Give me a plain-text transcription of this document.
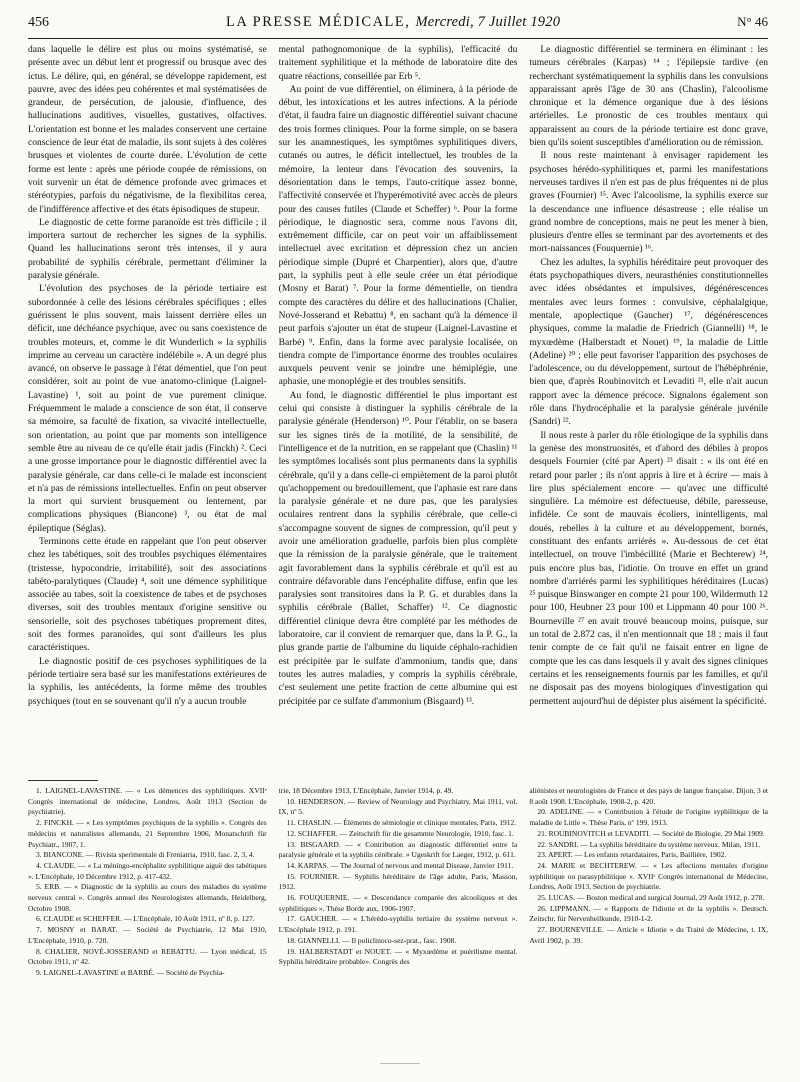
456	LA PRESSE MÉDICALE, Mercredi, 7 Juillet 1920	N° 46

dans laquelle le délire est plus ou moins systématisé, se présente avec un début lent et progressif ou brusque avec des ictus. Le délire, qui, en général, se développe rapidement, est pauvre, avec des idées peu cohérentes et mal systématisées de grandeur, de persécution, de jalousie, d'influence, des hallucinations auditives, visuelles, gustatives, olfactives. L'orientation est bonne et les malades conservent une certaine conscience de leur état de maladie, ils sont sujets à des colères brusques et violentes de courte durée. L'évolution de cette forme est lente : après une période coupée de rémissions, on voit survenir un état de démence profonde avec grimaces et stéréotypies, parfois du négativisme, de la flexibilitas cerea, de l'indifférence affective et des états épisodiques de stupeur.

Le diagnostic de cette forme paranoïde est très difficile ; il importera surtout de rechercher les signes de la syphilis. Quand les hallucinations seront très intenses, il y aura probabilité de syphilis cérébrale, permettant d'éliminer la paralysie générale.

L'évolution des psychoses de la période tertiaire est subordonnée à celle des lésions cérébrales spécifiques ; elles guérissent le plus souvent, mais laissent derrière elles un déficit, une déchéance psychique, avec ou sans coexistence de troubles moteurs, et, comme le dit Wunderlich « la syphilis imprime au cerveau un caractère indélébile ». A un degré plus avancé, on observe le passage à l'état démentiel, que l'on peut considérer, soit au point de vue anatomo-clinique (Laignel-Lavastine) ¹, soit au point de vue purement clinique. Fréquemment le malade a conscience de son état, il conserve sa mémoire, sa faculté de fixation, sa vivacité intellectuelle, son orientation, au point que par moments son intelligence semble être au niveau de ce qu'elle était jadis (Finckh) ². Ceci a une grosse importance pour le diagnostic différentiel avec la paralysie générale, car dans celle-ci le malade est inconscient et n'a pas de rémissions intellectuelles. Enfin on peut observer la mort qui survient brusquement ou lentement, par complications physiques (Biancone) ³, ou état de mal épileptique (Séglas).

Terminons cette étude en rappelant que l'on peut observer chez les tabétiques, soit des troubles psychiques élémentaires (tristesse, hypocondrie, irritabilité), soit des associations tabéto-paralytiques (Claude) ⁴, soit une démence syphilitique associée au tabes, soit la coexistence de tabes et de psychoses diverses, soit des troubles mentaux d'origine sensitive ou sensorielle, soit des psychoses tabétiques proprement dites, soit des formes paranoïdes, qui sont d'ailleurs les plus caractéristiques.

Le diagnostic positif de ces psychoses syphilitiques de la période tertiaire sera basé sur les manifestations extérieures de la syphilis, les antécédents, la forme même des troubles psychiques (tout en se souvenant qu'il n'y a aucun trouble

mental pathognomonique de la syphilis), l'efficacité du traitement syphilitique et la méthode de laboratoire dite des quatre réactions, conseillée par Erb ⁵.

Au point de vue différentiel, on éliminera, à la période de début, les intoxications et les autres infections. A la période d'état, il faudra faire un diagnostic différentiel suivant chacune des trois formes cliniques. Pour la forme simple, on se basera sur les anamnestiques, les symptômes syphilitiques divers, cutanés ou autres, le déficit intellectuel, les troubles de la mémoire, la lenteur dans l'évocation des souvenirs, la désorientation dans le temps, l'auto-critique assez bonne, l'affectivité conservée et l'hyperémotivité avec accès de pleurs pour des causes futiles (Claude et Scheffer) ⁶. Pour la forme périodique, le diagnostic sera, comme nous l'avons dit, extrêmement difficile, car on peut voir un affaiblissement intellectuel avec excitation et dépression chez un ancien périodique simple (Dupré et Charpentier), alors que, d'autre part, la syphilis peut à elle seule créer un état périodique (Mosny et Barat) ⁷. Pour la forme démentielle, on tiendra compte des caractères du délire et des hallucinations (Chalier, Nové-Josserand et Rebattu) ⁸, en sachant qu'à la démence il peut parfois s'ajouter un état de stupeur (Laignel-Lavastine et Barbé) ⁹. Enfin, dans la forme avec paralysie localisée, on tiendra compte de l'importance énorme des troubles oculaires auxquels peuvent venir se joindre une hémiplégie, une aphasie, une monoplégie et des troubles sensitifs.

Au fond, le diagnostic différentiel le plus important est celui qui consiste à distinguer la syphilis cérébrale de la paralysie générale (Henderson) ¹⁰. Pour l'établir, on se basera sur les signes tirés de la motilité, de la sensibilité, de l'intelligence et de la nutrition, en se rappelant que (Chaslin) ¹¹ les symptômes localisés sont plus permanents dans la syphilis cérébrale, qu'il y a dans celle-ci empiètement de la paroi plutôt qu'achoppement ou bredouillement, que l'aphasie est rare dans la paralysie générale et ne dure pas, que les paralysies oculaires rentrent dans la syphilis cérébrale, que celle-ci s'accompagne souvent de signes de compression, qu'il peut y avoir une amélioration graduelle, parfois bien plus complète que la rémission de la paralysie générale, que le traitement agit favorablement dans la syphilis cérébrale et qu'il est au contraire défavorable dans l'encéphalite diffuse, enfin que les paralysies sont transitoires dans la P. G. et durables dans la syphilis cérébrale (Ballet, Schaffer) ¹². Ce diagnostic différentiel clinique devra être complété par les méthodes de laboratoire, car il convient de remarquer que, dans la P. G., la plus grande partie de l'albumine du liquide céphalo-rachidien est précipitée par le sulfate d'ammonium, tandis que, dans toutes les autres maladies, y compris la syphilis cérébrale, c'est seulement une petite fraction de cette albumine qui est précipitée par ce sulfate d'ammonium (Bisgaard) ¹³.

Le diagnostic différentiel se terminera en éliminant : les tumeurs cérébrales (Karpas) ¹⁴ ; l'épilepsie tardive (en recherchant systématiquement la syphilis dans les convulsions apparaissant après l'âge de 30 ans (Chaslin), l'alcoolisme chronique et la démence organique due à des lésions artérielles. Le pronostic de ces troubles mentaux qui apparaissent au cours de la période tertiaire est donc grave, bien qu'ils soient susceptibles d'amélioration ou de rémission.

Il nous reste maintenant à envisager rapidement les psychoses hérédo-syphilitiques et, parmi les manifestations nerveuses tardives il n'en est pas de plus fréquentes ni de plus graves (Fournier) ¹⁵. Avec l'alcoolisme, la syphilis exerce sur la descendance une influence désastreuse ; elle réalise un grand nombre de conceptions, mais ne peut les mener à bien, plusieurs d'entre elles se terminant par des avortements et des mort-naissances (Fouquernie) ¹⁶.

Chez les adultes, la syphilis héréditaire peut provoquer des états psychopathiques divers, neurasthénies constitutionnelles avec idées obsédantes et impulsives, dégénérescences mentales avec leurs formes : convulsive, céphalalgique, mentale, apoplectique (Gaucher) ¹⁷, dégénérescences physiques, comme la maladie de Friedrich (Giannelli) ¹⁸, le myxœdème (Halberstadt et Nouet) ¹⁹, la maladie de Little (Adeline) ²⁰ ; elle peut favoriser l'apparition des psychoses de l'adolescence, ou du développement, surtout de l'hébéphrénie, bien que, d'après Roubinovitch et Levaditi ²¹, elle n'ait aucun rapport avec la démence précoce. Signalons également son rôle dans l'hydrocéphalie et la paralysie générale juvénile (Sandri) ²².

Il nous reste à parler du rôle étiologique de la syphilis dans la genèse des monstruosités, et d'abord des débiles à propos desquels Fournier (cité par Apert) ²³ disait : « ils ont été en retard pour parler ; ils n'ont appris à lire et à écrire — mais à lire plus spécialement encore — qu'avec une difficulté singulière. La mémoire est défectueuse, débile, paresseuse, infidèle. Ce sont de mauvais écoliers, inintelligents, mal doués, rebelles à la culture et au développement, bornés, constituant des enfants arriérés ». Au-dessous de cet état intellectuel, on trouve l'imbécillité (Marie et Bechterew) ²⁴, puis encore plus bas, l'idiotie. On trouve en effet un grand nombre d'arriérés parmi les syphilitiques héréditaires (Lucas) ²⁵ puisque Binswanger en compte 21 pour 100, Wildermuth 12 pour 100, Heubner 23 pour 100 et Lippmann 40 pour 100 ²⁶. Bourneville ²⁷ en avait trouvé beaucoup moins, puisque, sur un total de 2.872 cas, il n'en mentionnait que 18 ; mais il faut tenir compte de ce fait qu'il ne faisait entrer en ligne de compte que les cas dans lesquels il y avait des signes cliniques certains et les renseignements fournis par les familles, et qu'il ne disposait pas des moyens biologiques d'investigation qui permettent aujourd'hui de dépister plus aisément la spécificité.

1. LAIGNEL-LAVASTINE. — « Les démences des syphilitiques. XVIIᵉ Congrès international de médecine, Londres, Août 1913 (Section de psychiatrie).
2. FINCKH. — « Les symptômes psychiques de la syphilis ». Congrès des médecins et naturalistes allemands, 21 Septembre 1906, Monatschrift für Psychiatr., 1907, 1.
3. BIANCONE. — Rivista sperimentale di Freniatria, 1910, fasc. 2, 3, 4.
4. CLAUDE. — « La méningo-encéphalite syphilitique aiguë des tabétiques ». L'Encéphale, 10 Décembre 1912, p. 417-432.
5. ERB. — « Diagnostic de la syphilis au cours des maladies du système nerveux central ». Congrès annuel des Neurologistes allemands, Heidelberg, Octobre 1908.
6. CLAUDE et SCHEFFER. — L'Encéphale, 10 Août 1911, nº 8, p. 127.
7. MOSNY et BARAT. — Société de Psychiatrie, 12 Mai 1910, L'Encéphale, 1910, p. 720.
8. CHALIER, NOVÉ-JOSSERAND et REBATTU. — Lyon médical, 15 Octobre 1911, nº 42.
9. LAIGNEL-LAVASTINE et BARBÉ. — Société de Psychia-
trie, 18 Décembre 1913, L'Encéphale, Janvier 1914, p. 49.
10. HENDERSON. — Review of Neurology and Psychiatry, Mai 1911, vol. IX, nº 5.
11. CHASLIN. — Éléments de sémiologie et clinique mentales, Paris, 1912.
12. SCHAFFER. — Zeitschrift für die gesammte Neurologie, 1910, fasc. 1.
13. BISGAARD. — « Contribution au diagnostic différentiel entre la paralysie générale et la syphilis cérébrale. » Ugeskrift for Laeger, 1912, p. 611.
14. KARPAS. — The Journal of nervous and mental Disease, Janvier 1911.
15. FOURNIER. — Syphilis héréditaire de l'âge adulte, Paris, Masson, 1912.
16. FOUQUERNIE. — « Descendance comparée des alcooliques et des syphilitiques ». Thèse Borde aux, 1906-1907.
17. GAUCHER. — « L'hérédo-syphilis tertiaire du système nerveux ». L'Encéphale 1912, p. 191.
18. GIANNELLI. — Il policlinoco-sez-prat., fasc. 1908.
19. HALBERSTADT et NOUET. — « Myxœdème et puérilisme mental. Syphilis héréditaire probable». Congrès des
aliénistes et neurologistes de France et des pays de langue française. Dijon, 3 et 8 août 1908. L'Encéphale, 1908-2, p. 420.
20. ADELINE. — « Contribution à l'étude de l'origine syphilitique de la maladie de Little ». Thèse Paris, nº 199, 1913.
21. ROUBINOVITCH et LEVADITI. — Société de Biologie, 29 Mai 1909.
22. SANDRI. — La syphilis héréditaire du système nerveux. Milan, 1911.
23. APERT. — Les enfants retardataires, Paris, Baillière, 1902.
24. MARIE et BECHTEREW. — « Les affections mentales d'origine syphilitique ou parasyphilitique ». XVIIᵉ Congrès international de Médecine, Londres, Août 1913, Section de psychiatrie.
25. LUCAS. — Boston medical and surgical Journal, 29 Août 1912, p. 278.
26. LIPPMANN. — « Rapports de l'idiotie et de la syphilis ». Deutsch. Zeitschr. für Nervenheilkunde, 1910-1-2.
27. BOURNEVILLE. — Article « Idiotie » du Traité de Médecine, t. IX, Avril 1902, p. 39.
